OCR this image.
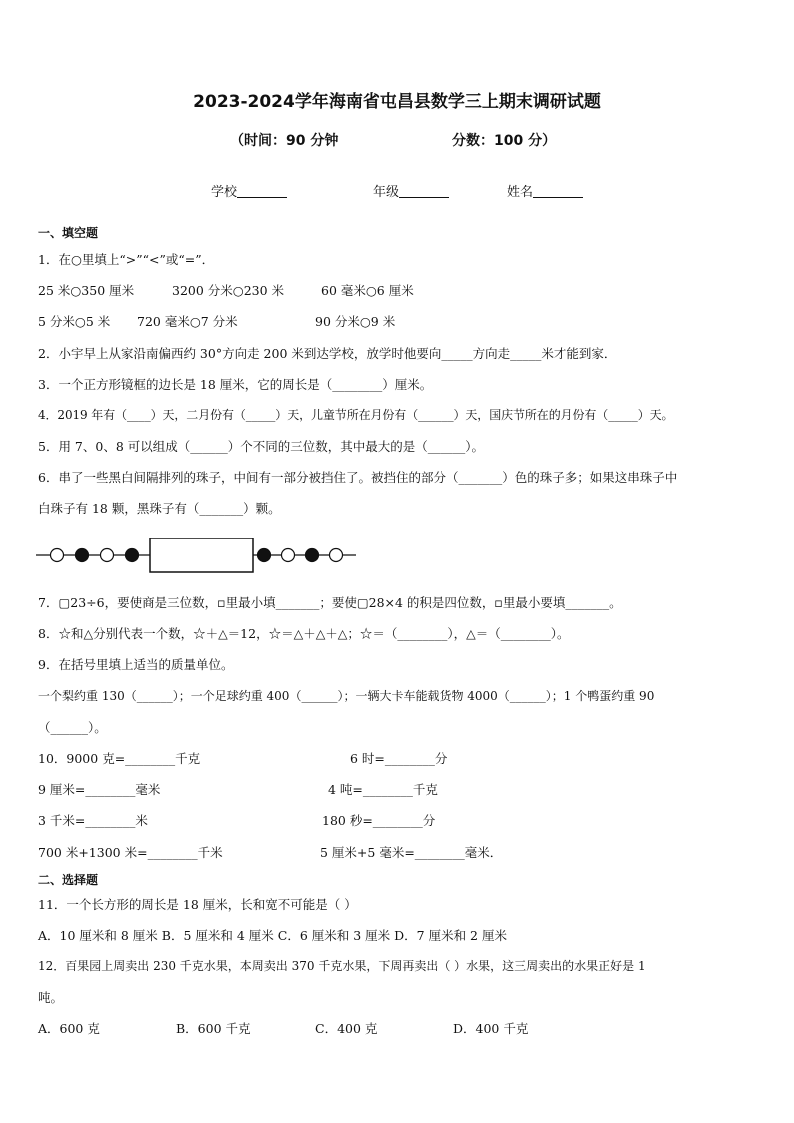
2023-2024学年海南省屯昌县数学三上期末调研试题
（时间：90 分钟	分数：100 分）
学校	年级	姓名
一、填空题
1．在○里填上“>”“<”或“=”．
25 米○350 厘米	3200 分米○230 米	60 毫米○6 厘米
5 分米○5 米 720 毫米○7 分米	90 分米○9 米
2．小宇早上从家沿南偏西约 30°方向走 200 米到达学校，放学时他要向_____方向走_____米才能到家．
3．一个正方形镜框的边长是 18 厘米，它的周长是（________）厘米。
4．2019 年有（____）天，二月份有（_____）天，儿童节所在月份有（______）天，国庆节所在的月份有（_____）天。
5．用 7、0、8 可以组成（______）个不同的三位数，其中最大的是（______）。
6．串了一些黑白间隔排列的珠子，中间有一部分被挡住了。被挡住的部分（_______）色的珠子多；如果这串珠子中
白珠子有 18 颗，黑珠子有（_______）颗。
7．▢23÷6，要使商是三位数，▫里最小填_______；要使▢28×4 的积是四位数，▫里最小要填_______。
8．☆和△分别代表一个数，☆＋△＝12，☆＝△＋△＋△；☆＝（________），△＝（________）。
9．在括号里填上适当的质量单位。
一个梨约重 130（______）；一个足球约重 400（______）；一辆大卡车能载货物 4000（______）；1 个鸭蛋约重 90
（______）。
10．9000 克=________千克	6 时=________分
9 厘米=________毫米	4 吨=________千克
3 千米=________米	180 秒=________分
700 米+1300 米=________千米	5 厘米+5 毫米=________毫米．
二、选择题
11．一个长方形的周长是 18 厘米，长和宽不可能是（ ）
A．10 厘米和 8 厘米 B．5 厘米和 4 厘米 C．6 厘米和 3 厘米 D．7 厘米和 2 厘米
12．百果园上周卖出 230 千克水果，本周卖出 370 千克水果，下周再卖出（ ）水果，这三周卖出的水果正好是 1
吨。
A．600 克	B．600 千克	C．400 克	D．400 千克
